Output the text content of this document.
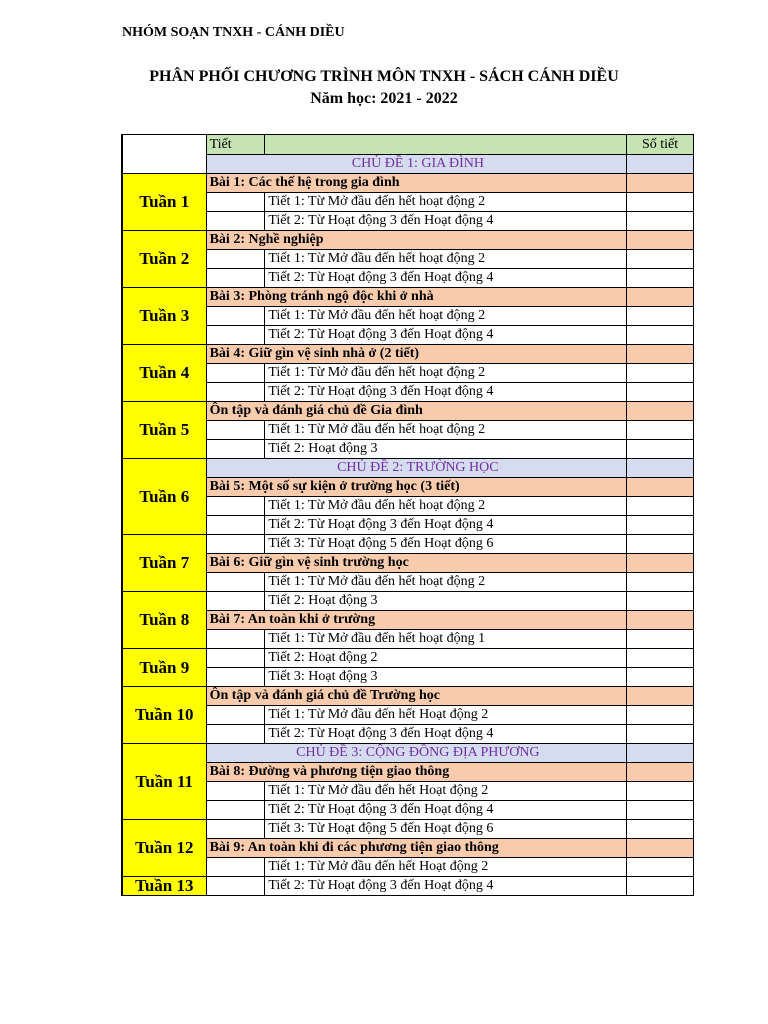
NHÓM SOẠN TNXH - CÁNH DIỀU
PHÂN PHỐI CHƯƠNG TRÌNH MÔN TNXH - SÁCH CÁNH DIỀU
Năm học: 2021 - 2022
	Tiết		Số tiết
	CHỦ ĐỀ 1: GIA ĐÌNH		
Tuần 1	Bài 1: Các thế hệ trong gia đình		
		Tiết 1: Từ Mở đầu đến hết hoạt động 2	
		Tiết 2: Từ Hoạt động 3 đến Hoạt động 4	
Tuần 2	Bài 2: Nghề nghiệp		
		Tiết 1: Từ Mở đầu đến hết hoạt động 2	
		Tiết 2: Từ Hoạt động 3 đến Hoạt động 4	
Tuần 3	Bài 3: Phòng tránh ngộ độc khi ở nhà		
		Tiết 1: Từ Mở đầu đến hết hoạt động 2	
		Tiết 2: Từ Hoạt động 3 đến Hoạt động 4	
Tuần 4	Bài 4: Giữ gìn vệ sinh nhà ở (2 tiết)		
		Tiết 1: Từ Mở đầu đến hết hoạt động 2	
		Tiết 2: Từ Hoạt động 3 đến Hoạt động 4	
Tuần 5	Ôn tập và đánh giá chủ đề Gia đình		
		Tiết 1: Từ Mở đầu đến hết hoạt động 2	
		Tiết 2: Hoạt động 3	
Tuần 6	CHỦ ĐỀ 2: TRƯỜNG HỌC		
	Bài 5: Một số sự kiện ở trường học (3 tiết)		
		Tiết 1: Từ Mở đầu đến hết hoạt động 2	
		Tiết 2: Từ Hoạt động 3 đến Hoạt động 4	
Tuần 7		Tiết 3: Từ Hoạt động 5 đến Hoạt động 6	
	Bài 6: Giữ gìn vệ sinh trường học		
		Tiết 1: Từ Mở đầu đến hết hoạt động 2	
Tuần 8		Tiết 2: Hoạt động 3	
	Bài 7: An toàn khi ở trường		
		Tiết 1: Từ Mở đầu đến hết hoạt động 1	
Tuần 9		Tiết 2: Hoạt động 2	
		Tiết 3: Hoạt động 3	
Tuần 10	Ôn tập và đánh giá chủ đề Trường học		
		Tiết 1: Từ Mở đầu đến hết Hoạt động 2	
		Tiết 2: Từ Hoạt động 3 đến Hoạt động 4	
Tuần 11	CHỦ ĐỀ 3: CỘNG ĐỒNG ĐỊA PHƯƠNG		
	Bài 8: Đường và phương tiện giao thông		
		Tiết 1: Từ Mở đầu đến hết Hoạt động 2	
		Tiết 2: Từ Hoạt động 3 đến Hoạt động 4	
Tuần 12		Tiết 3: Từ Hoạt động 5 đến Hoạt động 6	
	Bài 9: An toàn khi đi các phương tiện giao thông		
		Tiết 1: Từ Mở đầu đến hết Hoạt động 2	
Tuần 13		Tiết 2: Từ Hoạt động 3 đến Hoạt động 4	
